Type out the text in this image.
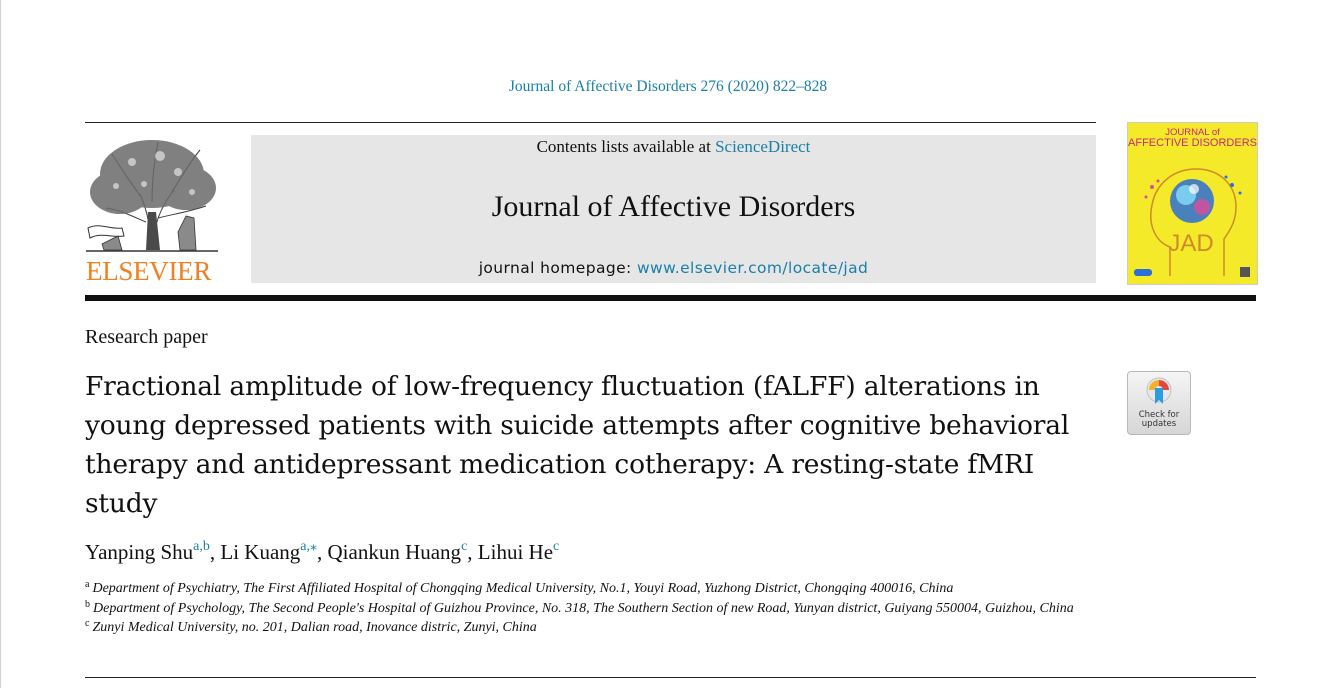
Journal of Affective Disorders 276 (2020) 822–828
ELSEVIER
Contents lists available at ScienceDirect
Journal of Affective Disorders
journal homepage: www.elsevier.com/locate/jad
JOURNAL of
AFFECTIVE DISORDERS
JAD
Research paper
Fractional amplitude of low-frequency fluctuation (fALFF) alterations in young depressed patients with suicide attempts after cognitive behavioral therapy and antidepressant medication cotherapy: A resting-state fMRI study
Check for
updates
Yanping Shu$^{a,b}$, Li Kuang$^{a,⁎}$, Qiankun Huang$^c$, Lihui He$^c$
$^a$ Department of Psychiatry, The First Affiliated Hospital of Chongqing Medical University, No.1, Youyi Road, Yuzhong District, Chongqing 400016, China
$^b$ Department of Psychology, The Second People's Hospital of Guizhou Province, No. 318, The Southern Section of new Road, Yunyan district, Guiyang 550004, Guizhou, China
$^c$ Zunyi Medical University, no. 201, Dalian road, Inovance distric, Zunyi, China
